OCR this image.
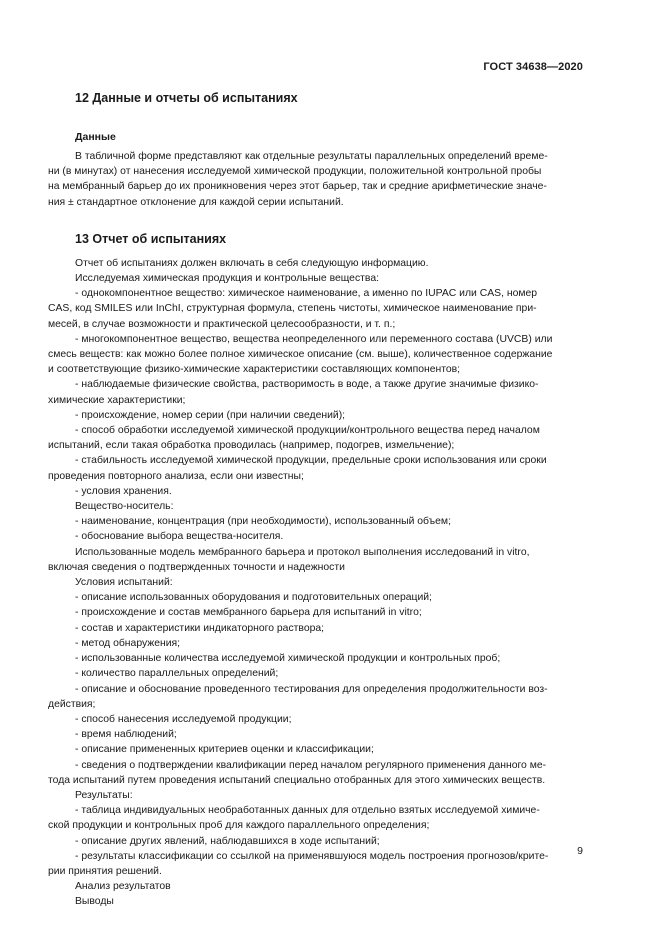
ГОСТ 34638—2020
12 Данные и отчеты об испытаниях
Данные

В табличной форме представляют как отдельные результаты параллельных определений време-
ни (в минутах) от нанесения исследуемой химической продукции, положительной контрольной пробы
на мембранный барьер до их проникновения через этот барьер, так и средние арифметические значе-
ния ± стандартное отклонение для каждой серии испытаний.

13 Отчет об испытаниях

Отчет об испытаниях должен включать в себя следующую информацию.

Исследуемая химическая продукция и контрольные вещества:

- однокомпонентное вещество: химическое наименование, а именно по IUPAC или CAS, номер
CAS, код SMILES или InChI, структурная формула, степень чистоты, химическое наименование при-
месей, в случае возможности и практической целесообразности, и т. п.;

- многокомпонентное вещество, вещества неопределенного или переменного состава (UVCB) или
смесь веществ: как можно более полное химическое описание (см. выше), количественное содержание
и соответствующие физико-химические характеристики составляющих компонентов;

- наблюдаемые физические свойства, растворимость в воде, а также другие значимые физико-
химические характеристики;

- происхождение, номер серии (при наличии сведений);

- способ обработки исследуемой химической продукции/контрольного вещества перед началом
испытаний, если такая обработка проводилась (например, подогрев, измельчение);

- стабильность исследуемой химической продукции, предельные сроки использования или сроки
проведения повторного анализа, если они известны;

- условия хранения.

Вещество-носитель:

- наименование, концентрация (при необходимости), использованный объем;

- обоснование выбора вещества-носителя.

Использованные модель мембранного барьера и протокол выполнения исследований in vitro,
включая сведения о подтвержденных точности и надежности

Условия испытаний:

- описание использованных оборудования и подготовительных операций;

- происхождение и состав мембранного барьера для испытаний in vitro;

- состав и характеристики индикаторного раствора;

- метод обнаружения;

- использованные количества исследуемой химической продукции и контрольных проб;

- количество параллельных определений;

- описание и обоснование проведенного тестирования для определения продолжительности воз-
действия;

- способ нанесения исследуемой продукции;

- время наблюдений;

- описание примененных критериев оценки и классификации;

- сведения о подтверждении квалификации перед началом регулярного применения данного ме-
тода испытаний путем проведения испытаний специально отобранных для этого химических веществ.

Результаты:

- таблица индивидуальных необработанных данных для отдельно взятых исследуемой химиче-
ской продукции и контрольных проб для каждого параллельного определения;

- описание других явлений, наблюдавшихся в ходе испытаний;

- результаты классификации со ссылкой на применявшуюся модель построения прогнозов/крите-
рии принятия решений.

Анализ результатов

Выводы

9
